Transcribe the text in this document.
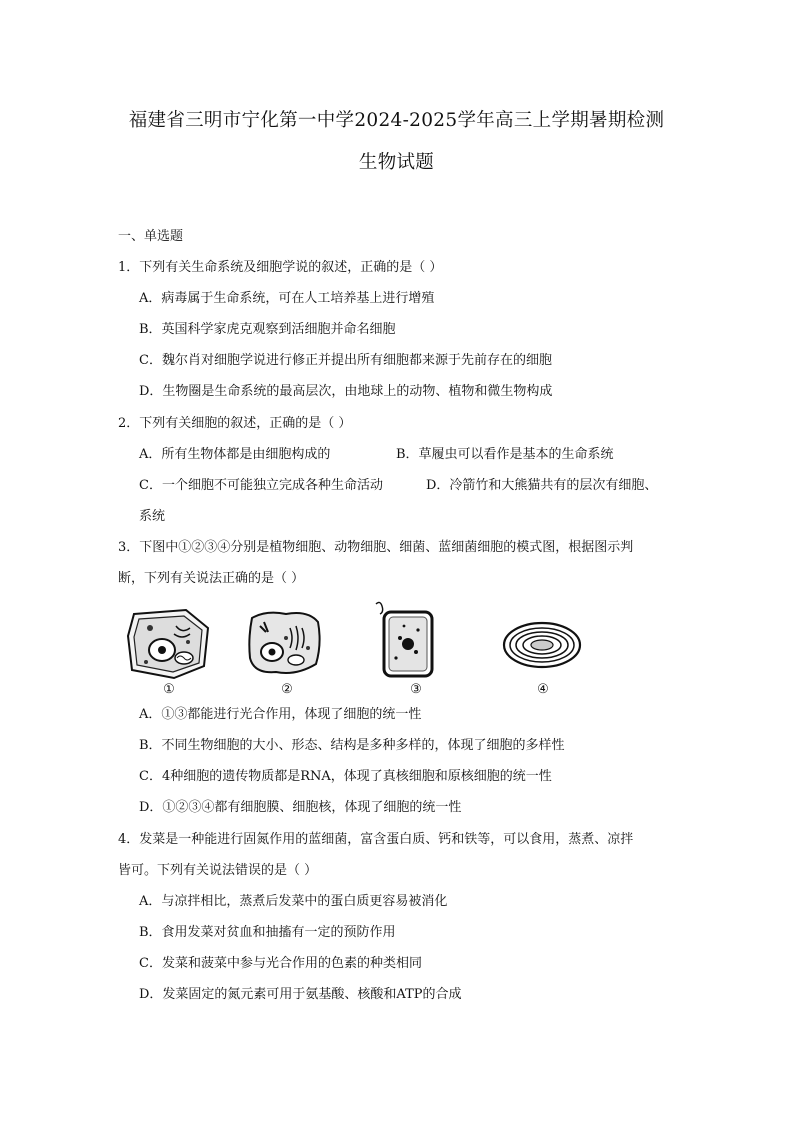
福建省三明市宁化第一中学2024-2025学年高三上学期暑期检测
生物试题
一、单选题
1．下列有关生命系统及细胞学说的叙述，正确的是（ ）
A．病毒属于生命系统，可在人工培养基上进行增殖
B．英国科学家虎克观察到活细胞并命名细胞
C．魏尔肖对细胞学说进行修正并提出所有细胞都来源于先前存在的细胞
D．生物圈是生命系统的最高层次，由地球上的动物、植物和微生物构成
2．下列有关细胞的叙述，正确的是（ ）
A．所有生物体都是由细胞构成的	B．草履虫可以看作是基本的生命系统
C．一个细胞不可能独立完成各种生命活动	D．冷箭竹和大熊猫共有的层次有细胞、
系统
3．下图中①②③④分别是植物细胞、动物细胞、细菌、蓝细菌细胞的模式图，根据图示判
断，下列有关说法正确的是（ ）
①	②	③	④
A．①③都能进行光合作用，体现了细胞的统一性
B．不同生物细胞的大小、形态、结构是多种多样的，体现了细胞的多样性
C．4种细胞的遗传物质都是RNA，体现了真核细胞和原核细胞的统一性
D．①②③④都有细胞膜、细胞核，体现了细胞的统一性
4．发菜是一种能进行固氮作用的蓝细菌，富含蛋白质、钙和铁等，可以食用，蒸煮、凉拌
皆可。下列有关说法错误的是（ ）
A．与凉拌相比，蒸煮后发菜中的蛋白质更容易被消化
B．食用发菜对贫血和抽搐有一定的预防作用
C．发菜和菠菜中参与光合作用的色素的种类相同
D．发菜固定的氮元素可用于氨基酸、核酸和ATP的合成
